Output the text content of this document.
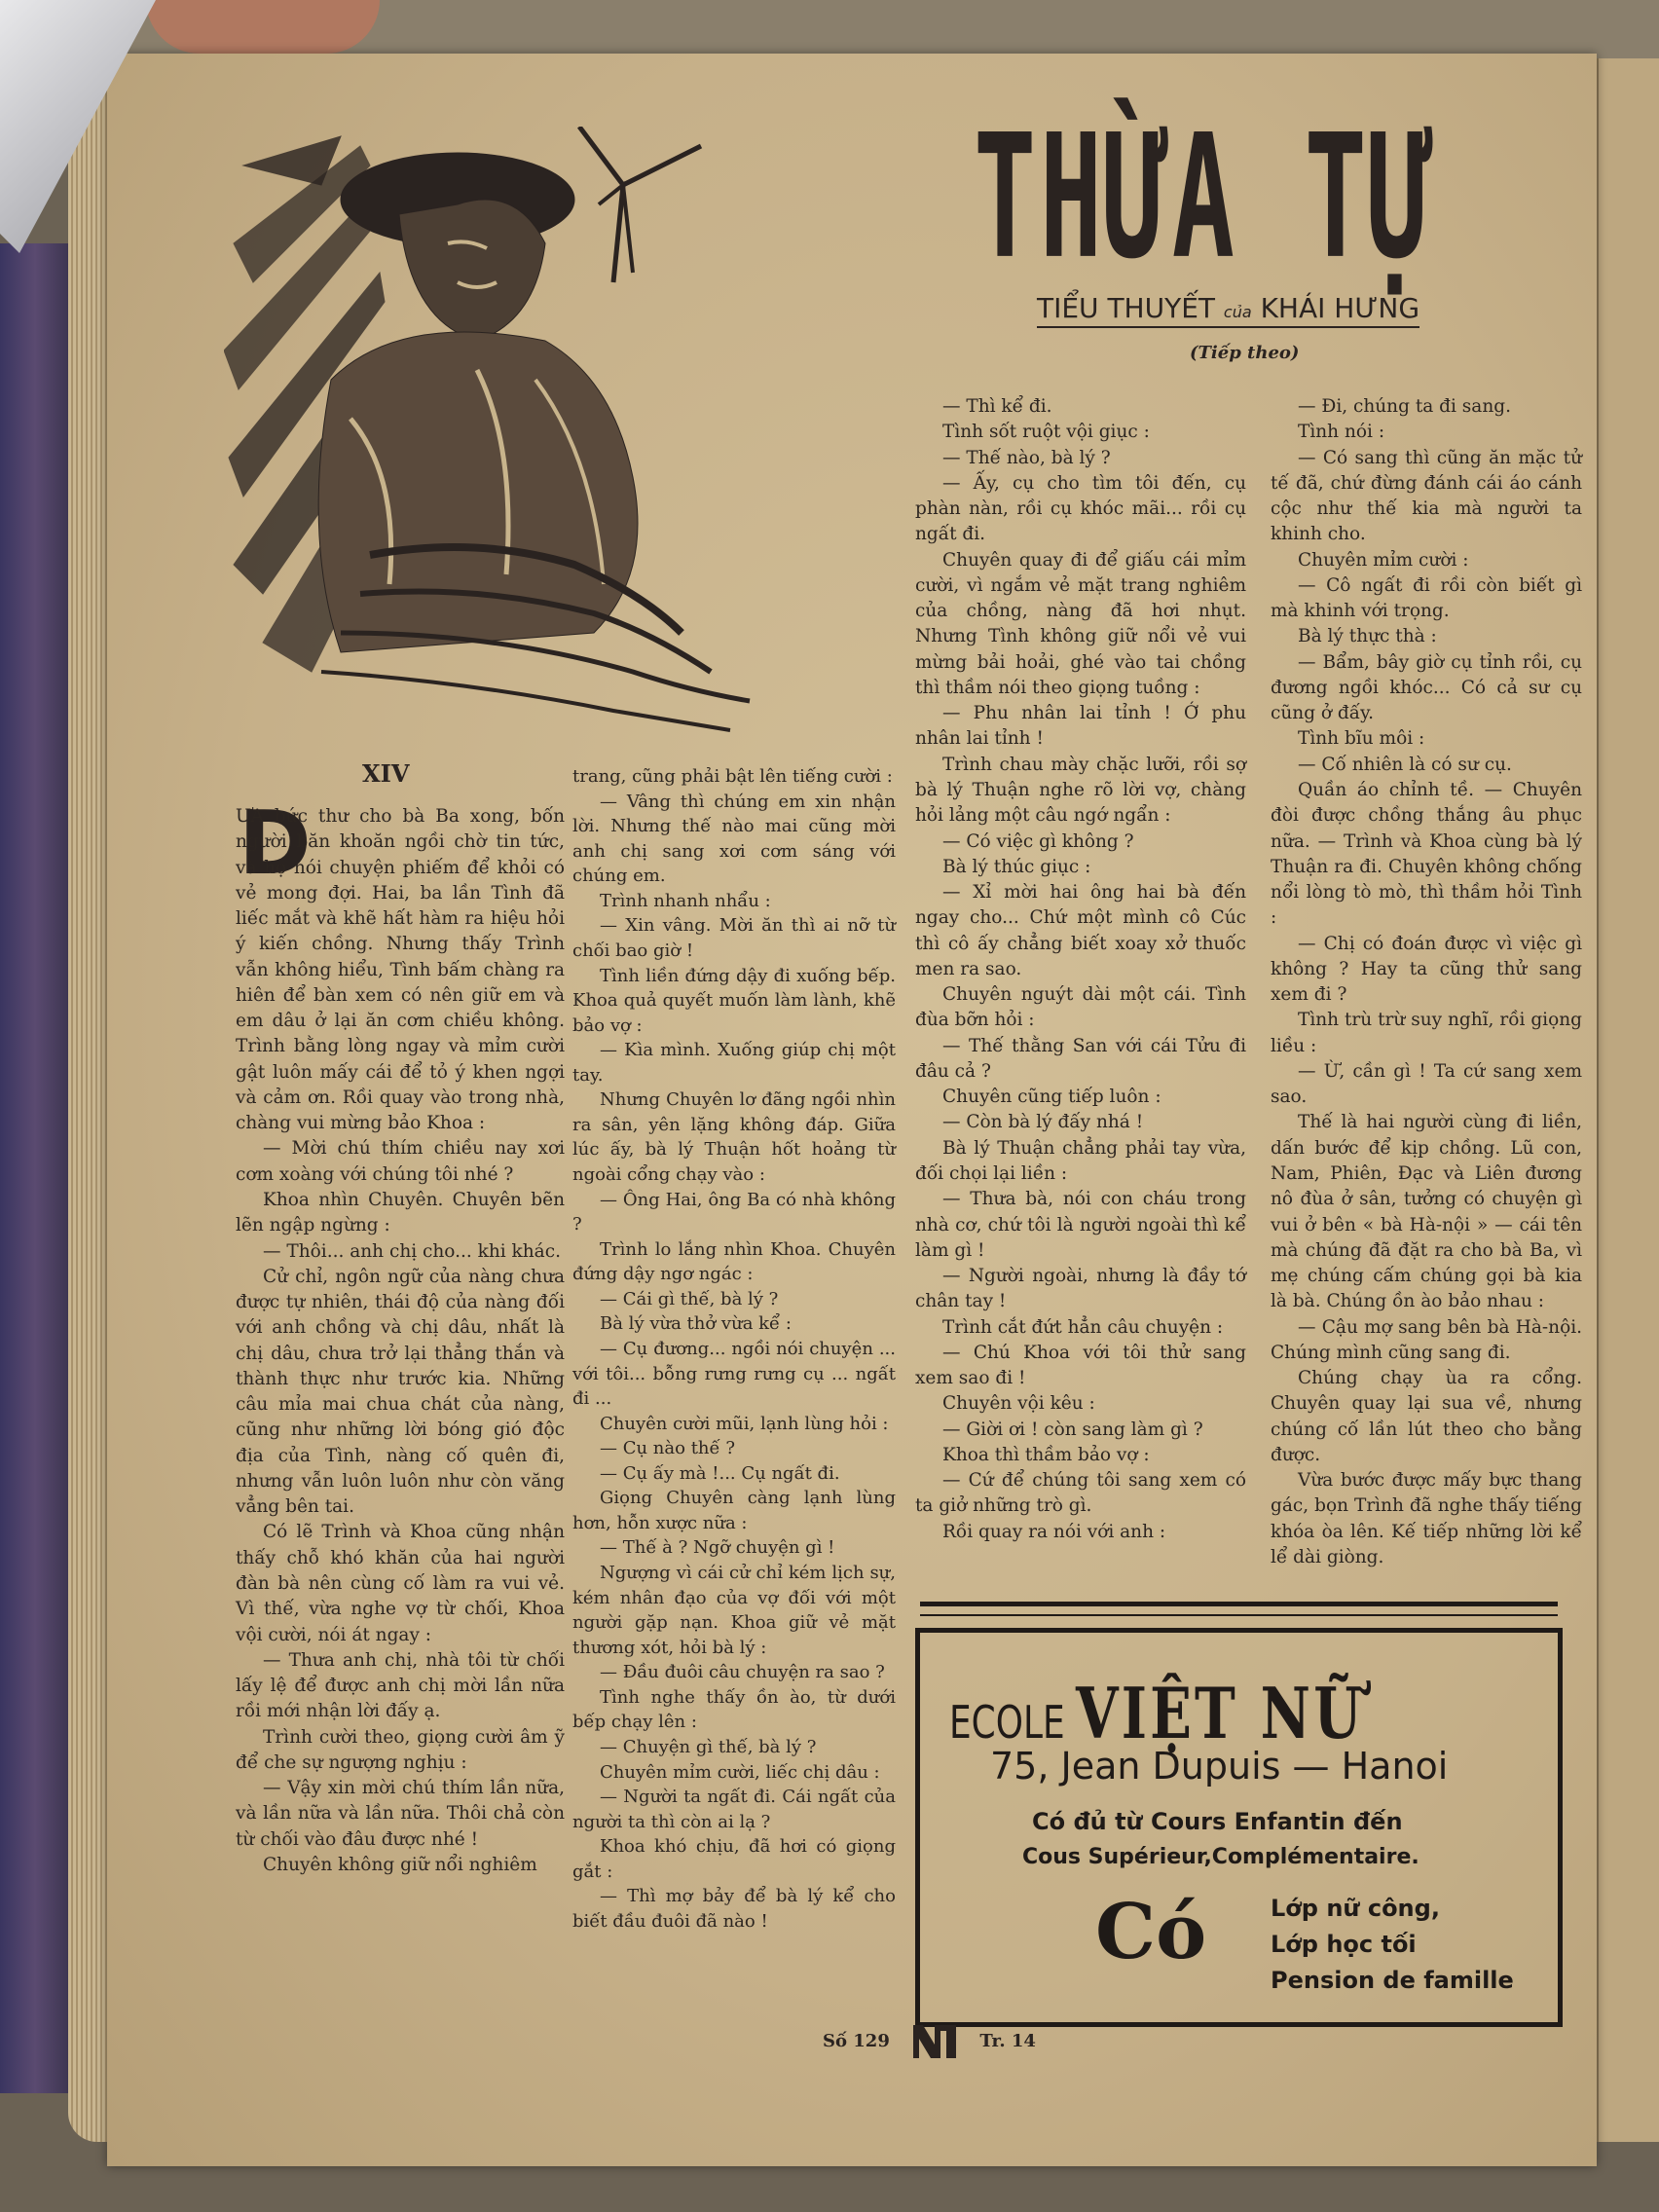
THỪA TỰ
TIỂU THUYẾT của KHÁI HƯNG
(Tiếp theo)
XIV
D

ƯA bức thư cho bà Ba xong, bốn người băn khoăn ngồi chờ tin tức, và họ nói chuyện phiếm để khỏi có vẻ mong đợi. Hai, ba lần Tình đã liếc mắt và khẽ hất hàm ra hiệu hỏi ý kiến chồng. Nhưng thấy Trình vẫn không hiểu, Tình bấm chàng ra hiên để bàn xem có nên giữ em và em dâu ở lại ăn cơm chiều không. Trình bằng lòng ngay và mỉm cười gật luôn mấy cái để tỏ ý khen ngợi và cảm ơn. Rồi quay vào trong nhà, chàng vui mừng bảo Khoa :

— Mời chú thím chiều nay xơi cơm xoàng với chúng tôi nhé ?

Khoa nhìn Chuyên. Chuyên bẽn lẽn ngập ngừng :

— Thôi... anh chị cho... khi khác.

Cử chỉ, ngôn ngữ của nàng chưa được tự nhiên, thái độ của nàng đối với anh chồng và chị dâu, nhất là chị dâu, chưa trở lại thẳng thắn và thành thực như trước kia. Những câu mỉa mai chua chát của nàng, cũng như những lời bóng gió độc địa của Tình, nàng cố quên đi, nhưng vẫn luôn luôn như còn văng vẳng bên tai.

Có lẽ Trình và Khoa cũng nhận thấy chỗ khó khăn của hai người đàn bà nên cùng cố làm ra vui vẻ. Vì thế, vừa nghe vợ từ chối, Khoa vội cười, nói át ngay :

— Thưa anh chị, nhà tôi từ chối lấy lệ để được anh chị mời lần nữa rồi mới nhận lời đấy ạ.

Trình cười theo, giọng cười âm ỹ để che sự ngượng nghịu :

— Vậy xin mời chú thím lần nữa, và lần nữa và lần nữa. Thôi chả còn từ chối vào đâu được nhé !

Chuyên không giữ nổi nghiêm

trang, cũng phải bật lên tiếng cười :

— Vâng thì chúng em xin nhận lời. Nhưng thế nào mai cũng mời anh chị sang xơi cơm sáng với chúng em.

Trình nhanh nhẩu :

— Xin vâng. Mời ăn thì ai nỡ từ chối bao giờ !

Tình liền đứng dậy đi xuống bếp. Khoa quả quyết muốn làm lành, khẽ bảo vợ :

— Kìa mình. Xuống giúp chị một tay.

Nhưng Chuyên lơ đãng ngồi nhìn ra sân, yên lặng không đáp. Giữa lúc ấy, bà lý Thuận hốt hoảng từ ngoài cổng chạy vào :

— Ông Hai, ông Ba có nhà không ?

Trình lo lắng nhìn Khoa. Chuyên đứng dậy ngơ ngác :

— Cái gì thế, bà lý ?

Bà lý vừa thở vừa kể :

— Cụ đương... ngồi nói chuyện ... với tôi... bỗng rưng rưng cụ ... ngất đi ...

Chuyên cười mũi, lạnh lùng hỏi :

— Cụ nào thế ?

— Cụ ấy mà !... Cụ ngất đi.

Giọng Chuyên càng lạnh lùng hơn, hỗn xược nữa :

— Thế à ? Ngỡ chuyện gì !

Ngượng vì cái cử chỉ kém lịch sự, kém nhân đạo của vợ đối với một người gặp nạn. Khoa giữ vẻ mặt thương xót, hỏi bà lý :

— Đầu đuôi câu chuyện ra sao ?

Tình nghe thấy ồn ào, từ dưới bếp chạy lên :

— Chuyện gì thế, bà lý ?

Chuyên mỉm cười, liếc chị dâu :

— Người ta ngất đi. Cái ngất của người ta thì còn ai lạ ?

Khoa khó chịu, đã hơi có giọng gắt :

— Thì mợ bảy để bà lý kể cho biết đầu đuôi đã nào !

— Thì kể đi.

Tình sốt ruột vội giục :

— Thế nào, bà lý ?

— Ấy, cụ cho tìm tôi đến, cụ phàn nàn, rồi cụ khóc mãi... rồi cụ ngất đi.

Chuyên quay đi để giấu cái mỉm cười, vì ngắm vẻ mặt trang nghiêm của chồng, nàng đã hơi nhụt. Nhưng Tình không giữ nổi vẻ vui mừng bải hoải, ghé vào tai chồng thì thầm nói theo giọng tuồng :

— Phu nhân lai tỉnh ! Ớ phu nhân lai tỉnh !

Trình chau mày chặc lưỡi, rồi sợ bà lý Thuận nghe rõ lời vợ, chàng hỏi lảng một câu ngớ ngẩn :

— Có việc gì không ?

Bà lý thúc giục :

— Xỉ mời hai ông hai bà đến ngay cho... Chứ một mình cô Cúc thì cô ấy chẳng biết xoay xở thuốc men ra sao.

Chuyên nguýt dài một cái. Tình đùa bỡn hỏi :

— Thế thằng San với cái Tửu đi đâu cả ?

Chuyên cũng tiếp luôn :

— Còn bà lý đấy nhá !

Bà lý Thuận chẳng phải tay vừa, đối chọi lại liền :

— Thưa bà, nói con cháu trong nhà cơ, chứ tôi là người ngoài thì kể làm gì !

— Người ngoài, nhưng là đầy tớ chân tay !

Trình cắt đứt hẳn câu chuyện :

— Chú Khoa với tôi thử sang xem sao đi !

Chuyên vội kêu :

— Giời ơi ! còn sang làm gì ?

Khoa thì thầm bảo vợ :

— Cứ để chúng tôi sang xem có ta giở những trò gì.

Rồi quay ra nói với anh :

— Đi, chúng ta đi sang.

Tình nói :

— Có sang thì cũng ăn mặc tử tế đã, chứ đừng đánh cái áo cánh cộc như thế kia mà người ta khinh cho.

Chuyên mỉm cười :

— Cô ngất đi rồi còn biết gì mà khinh với trọng.

Bà lý thực thà :

— Bẩm, bây giờ cụ tỉnh rồi, cụ đương ngồi khóc... Có cả sư cụ cũng ở đấy.

Tình bĩu môi :

— Cố nhiên là có sư cụ.

Quần áo chỉnh tề. — Chuyên đòi được chồng thắng âu phục nữa. — Trình và Khoa cùng bà lý Thuận ra đi. Chuyên không chống nổi lòng tò mò, thì thầm hỏi Tình :

— Chị có đoán được vì việc gì không ? Hay ta cũng thử sang xem đi ?

Tình trù trừ suy nghĩ, rồi giọng liều :

— Ừ, cần gì ! Ta cứ sang xem sao.

Thế là hai người cùng đi liền, dấn bước để kịp chồng. Lũ con, Nam, Phiên, Đạc và Liên đương nô đùa ở sân, tưởng có chuyện gì vui ở bên « bà Hà-nội » — cái tên mà chúng đã đặt ra cho bà Ba, vì mẹ chúng cấm chúng gọi bà kia là bà. Chúng ồn ào bảo nhau :

— Cậu mợ sang bên bà Hà-nội. Chúng mình cũng sang đi.

Chúng chạy ùa ra cổng. Chuyên quay lại sua về, nhưng chúng cố lần lút theo cho bằng được.

Vừa bước được mấy bực thang gác, bọn Trình đã nghe thấy tiếng khóa òa lên. Kế tiếp những lời kể lể dài giòng.

ECOLE VIỆT NỮ
75, Jean Dupuis — Hanoi
Có đủ từ Cours Enfantin đến
Cous Supérieur,Complémentaire.
Có	Lớp nữ công,
Lớp học tối
Pension de famille
Số 129	Tr. 14
